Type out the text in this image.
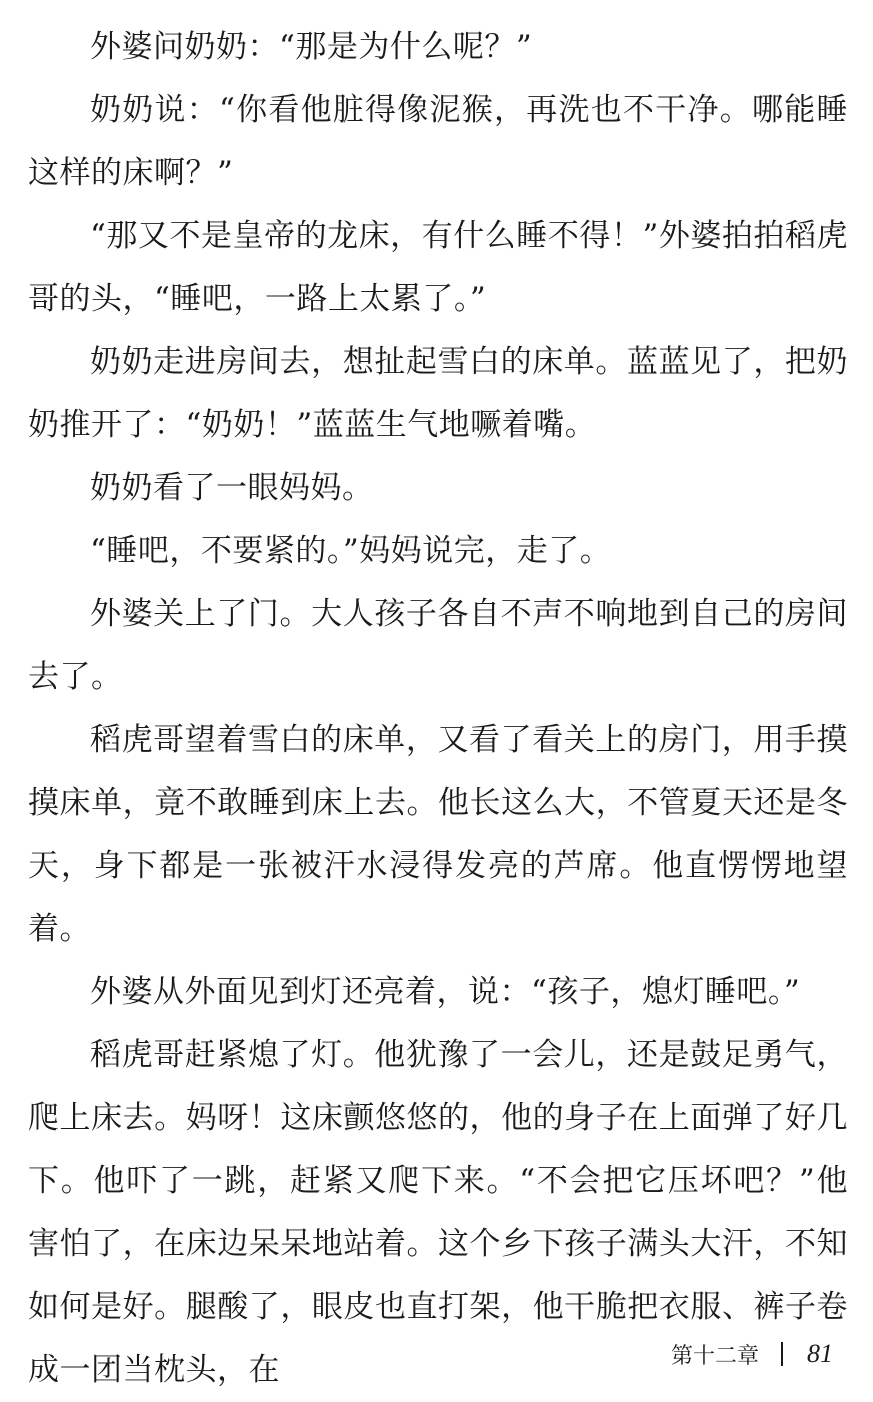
外婆问奶奶：“那是为什么呢？”

奶奶说：“你看他脏得像泥猴，再洗也不干净。哪能睡这样的床啊？”

“那又不是皇帝的龙床，有什么睡不得！”外婆拍拍稻虎哥的头，“睡吧，一路上太累了。”

奶奶走进房间去，想扯起雪白的床单。蓝蓝见了，把奶奶推开了：“奶奶！”蓝蓝生气地噘着嘴。

奶奶看了一眼妈妈。

“睡吧，不要紧的。”妈妈说完，走了。

外婆关上了门。大人孩子各自不声不响地到自己的房间去了。

稻虎哥望着雪白的床单，又看了看关上的房门，用手摸摸床单，竟不敢睡到床上去。他长这么大，不管夏天还是冬天，身下都是一张被汗水浸得发亮的芦席。他直愣愣地望着。

外婆从外面见到灯还亮着，说：“孩子，熄灯睡吧。”

稻虎哥赶紧熄了灯。他犹豫了一会儿，还是鼓足勇气，爬上床去。妈呀！这床颤悠悠的，他的身子在上面弹了好几下。他吓了一跳，赶紧又爬下来。“不会把它压坏吧？”他害怕了，在床边呆呆地站着。这个乡下孩子满头大汗，不知如何是好。腿酸了，眼皮也直打架，他干脆把衣服、裤子卷成一团当枕头，在	第十二章 81
